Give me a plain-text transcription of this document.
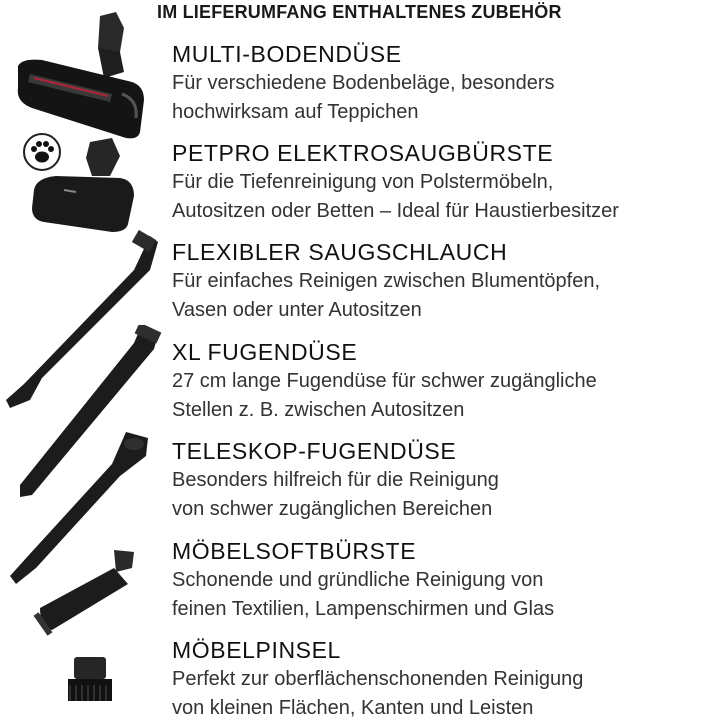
IM LIEFERUMFANG ENTHALTENES ZUBEHÖR
MULTI-BODENDÜSE
Für verschiedene Bodenbeläge, besonders
hochwirksam auf Teppichen
PETPRO ELEKTROSAUGBÜRSTE
Für die Tiefenreinigung von Polstermöbeln,
Autositzen oder Betten – Ideal für Haustierbesitzer
FLEXIBLER SAUGSCHLAUCH
Für einfaches Reinigen zwischen Blumentöpfen,
Vasen oder unter Autositzen
XL FUGENDÜSE
27 cm lange Fugendüse für schwer zugängliche
Stellen z. B. zwischen Autositzen
TELESKOP-FUGENDÜSE
Besonders hilfreich für die Reinigung
von schwer zugänglichen Bereichen
MÖBELSOFTBÜRSTE
Schonende und gründliche Reinigung von
feinen Textilien, Lampenschirmen und Glas
MÖBELPINSEL
Perfekt zur oberflächenschonenden Reinigung
von kleinen Flächen, Kanten und Leisten
